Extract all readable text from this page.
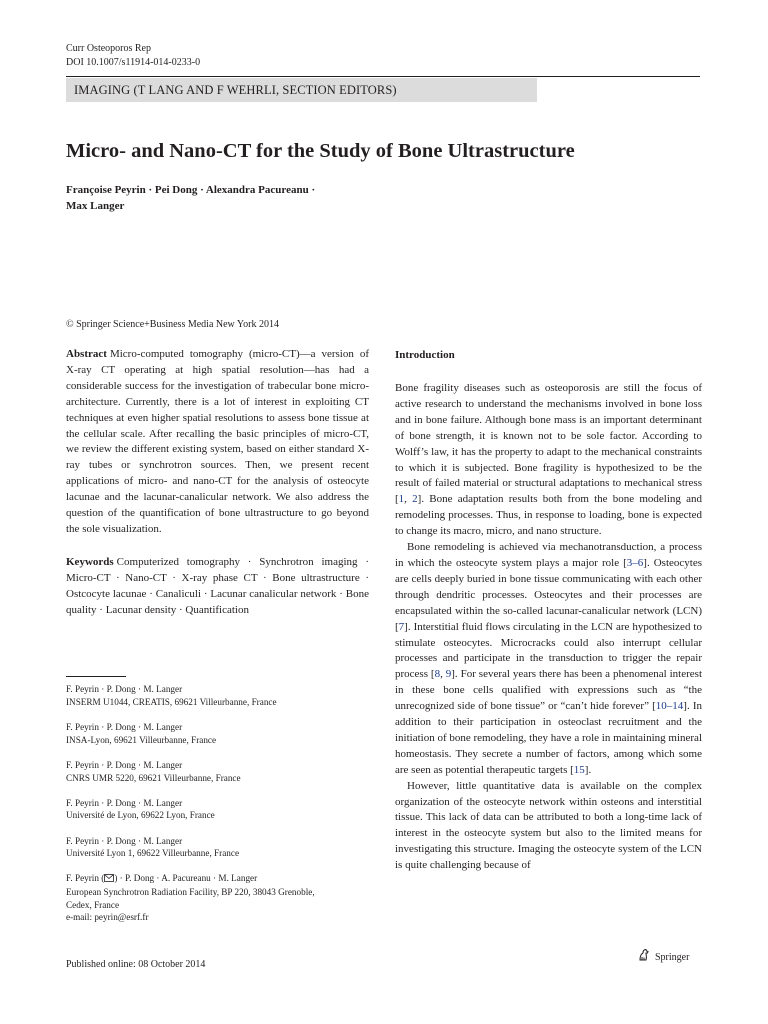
Curr Osteoporos Rep
DOI 10.1007/s11914-014-0233-0
IMAGING (T LANG AND F WEHRLI, SECTION EDITORS)
Micro- and Nano-CT for the Study of Bone Ultrastructure
Françoise Peyrin · Pei Dong · Alexandra Pacureanu ·
Max Langer
© Springer Science+Business Media New York 2014

Abstract Micro-computed tomography (micro-CT)—a version of X-ray CT operating at high spatial resolution—has had a considerable success for the investigation of trabecular bone micro-architecture. Currently, there is a lot of interest in exploiting CT techniques at even higher spatial resolutions to assess bone tissue at the cellular scale. After recalling the basic principles of micro-CT, we review the different existing system, based on either standard X-ray tubes or synchrotron sources. Then, we present recent applications of micro- and nano-CT for the analysis of osteocyte lacunae and the lacunar-canalicular network. We also address the question of the quantification of bone ultrastructure to go beyond the sole visualization.

Keywords Computerized tomography · Synchrotron imaging · Micro-CT · Nano-CT · X-ray phase CT · Bone ultrastructure · Ostcocyte lacunae · Canaliculi · Lacunar canalicular network · Bone quality · Lacunar density · Quantification

F. Peyrin · P. Dong · M. Langer
INSERM U1044, CREATIS, 69621 Villeurbanne, France
F. Peyrin · P. Dong · M. Langer
INSA-Lyon, 69621 Villeurbanne, France
F. Peyrin · P. Dong · M. Langer
CNRS UMR 5220, 69621 Villeurbanne, France
F. Peyrin · P. Dong · M. Langer
Université de Lyon, 69622 Lyon, France
F. Peyrin · P. Dong · M. Langer
Université Lyon 1, 69622 Villeurbanne, France
F. Peyrin ( ) · P. Dong · A. Pacureanu · M. Langer
European Synchrotron Radiation Facility, BP 220, 38043 Grenoble,
Cedex, France
e-mail: peyrin@esrf.fr
Introduction

Bone fragility diseases such as osteoporosis are still the focus of active research to understand the mechanisms involved in bone loss and in bone failure. Although bone mass is an important determinant of bone strength, it is known not to be sole factor. According to Wolff’s law, it has the property to adapt to the mechanical constraints to which it is subjected. Bone fragility is hypothesized to be the result of failed material or structural adaptations to mechanical stress [1, 2]. Bone adaptation results both from the bone modeling and remodeling processes. Thus, in response to loading, bone is expected to change its macro, micro, and nano structure.

Bone remodeling is achieved via mechanotransduction, a process in which the osteocyte system plays a major role [3–6]. Osteocytes are cells deeply buried in bone tissue communicating with each other through dendritic processes. Osteocytes and their processes are encapsulated within the so-called lacunar-canalicular network (LCN) [7]. Interstitial fluid flows circulating in the LCN are hypothesized to stimulate osteocytes. Microcracks could also interrupt cellular processes and participate in the transduction to trigger the repair process [8, 9]. For several years there has been a phenomenal interest in these bone cells qualified with expressions such as “the unrecognized side of bone tissue” or “can’t hide forever” [10–14]. In addition to their participation in osteoclast recruitment and the initiation of bone remodeling, they have a role in maintaining mineral homeostasis. They secrete a number of factors, among which some are seen as potential therapeutic targets [15].

However, little quantitative data is available on the complex organization of the osteocyte network within osteons and interstitial tissue. This lack of data can be attributed to both a long-time lack of interest in the osteocyte system but also to the limited means for investigating this structure. Imaging the osteocyte system of the LCN is quite challenging because of

Published online: 08 October 2014
Springer
